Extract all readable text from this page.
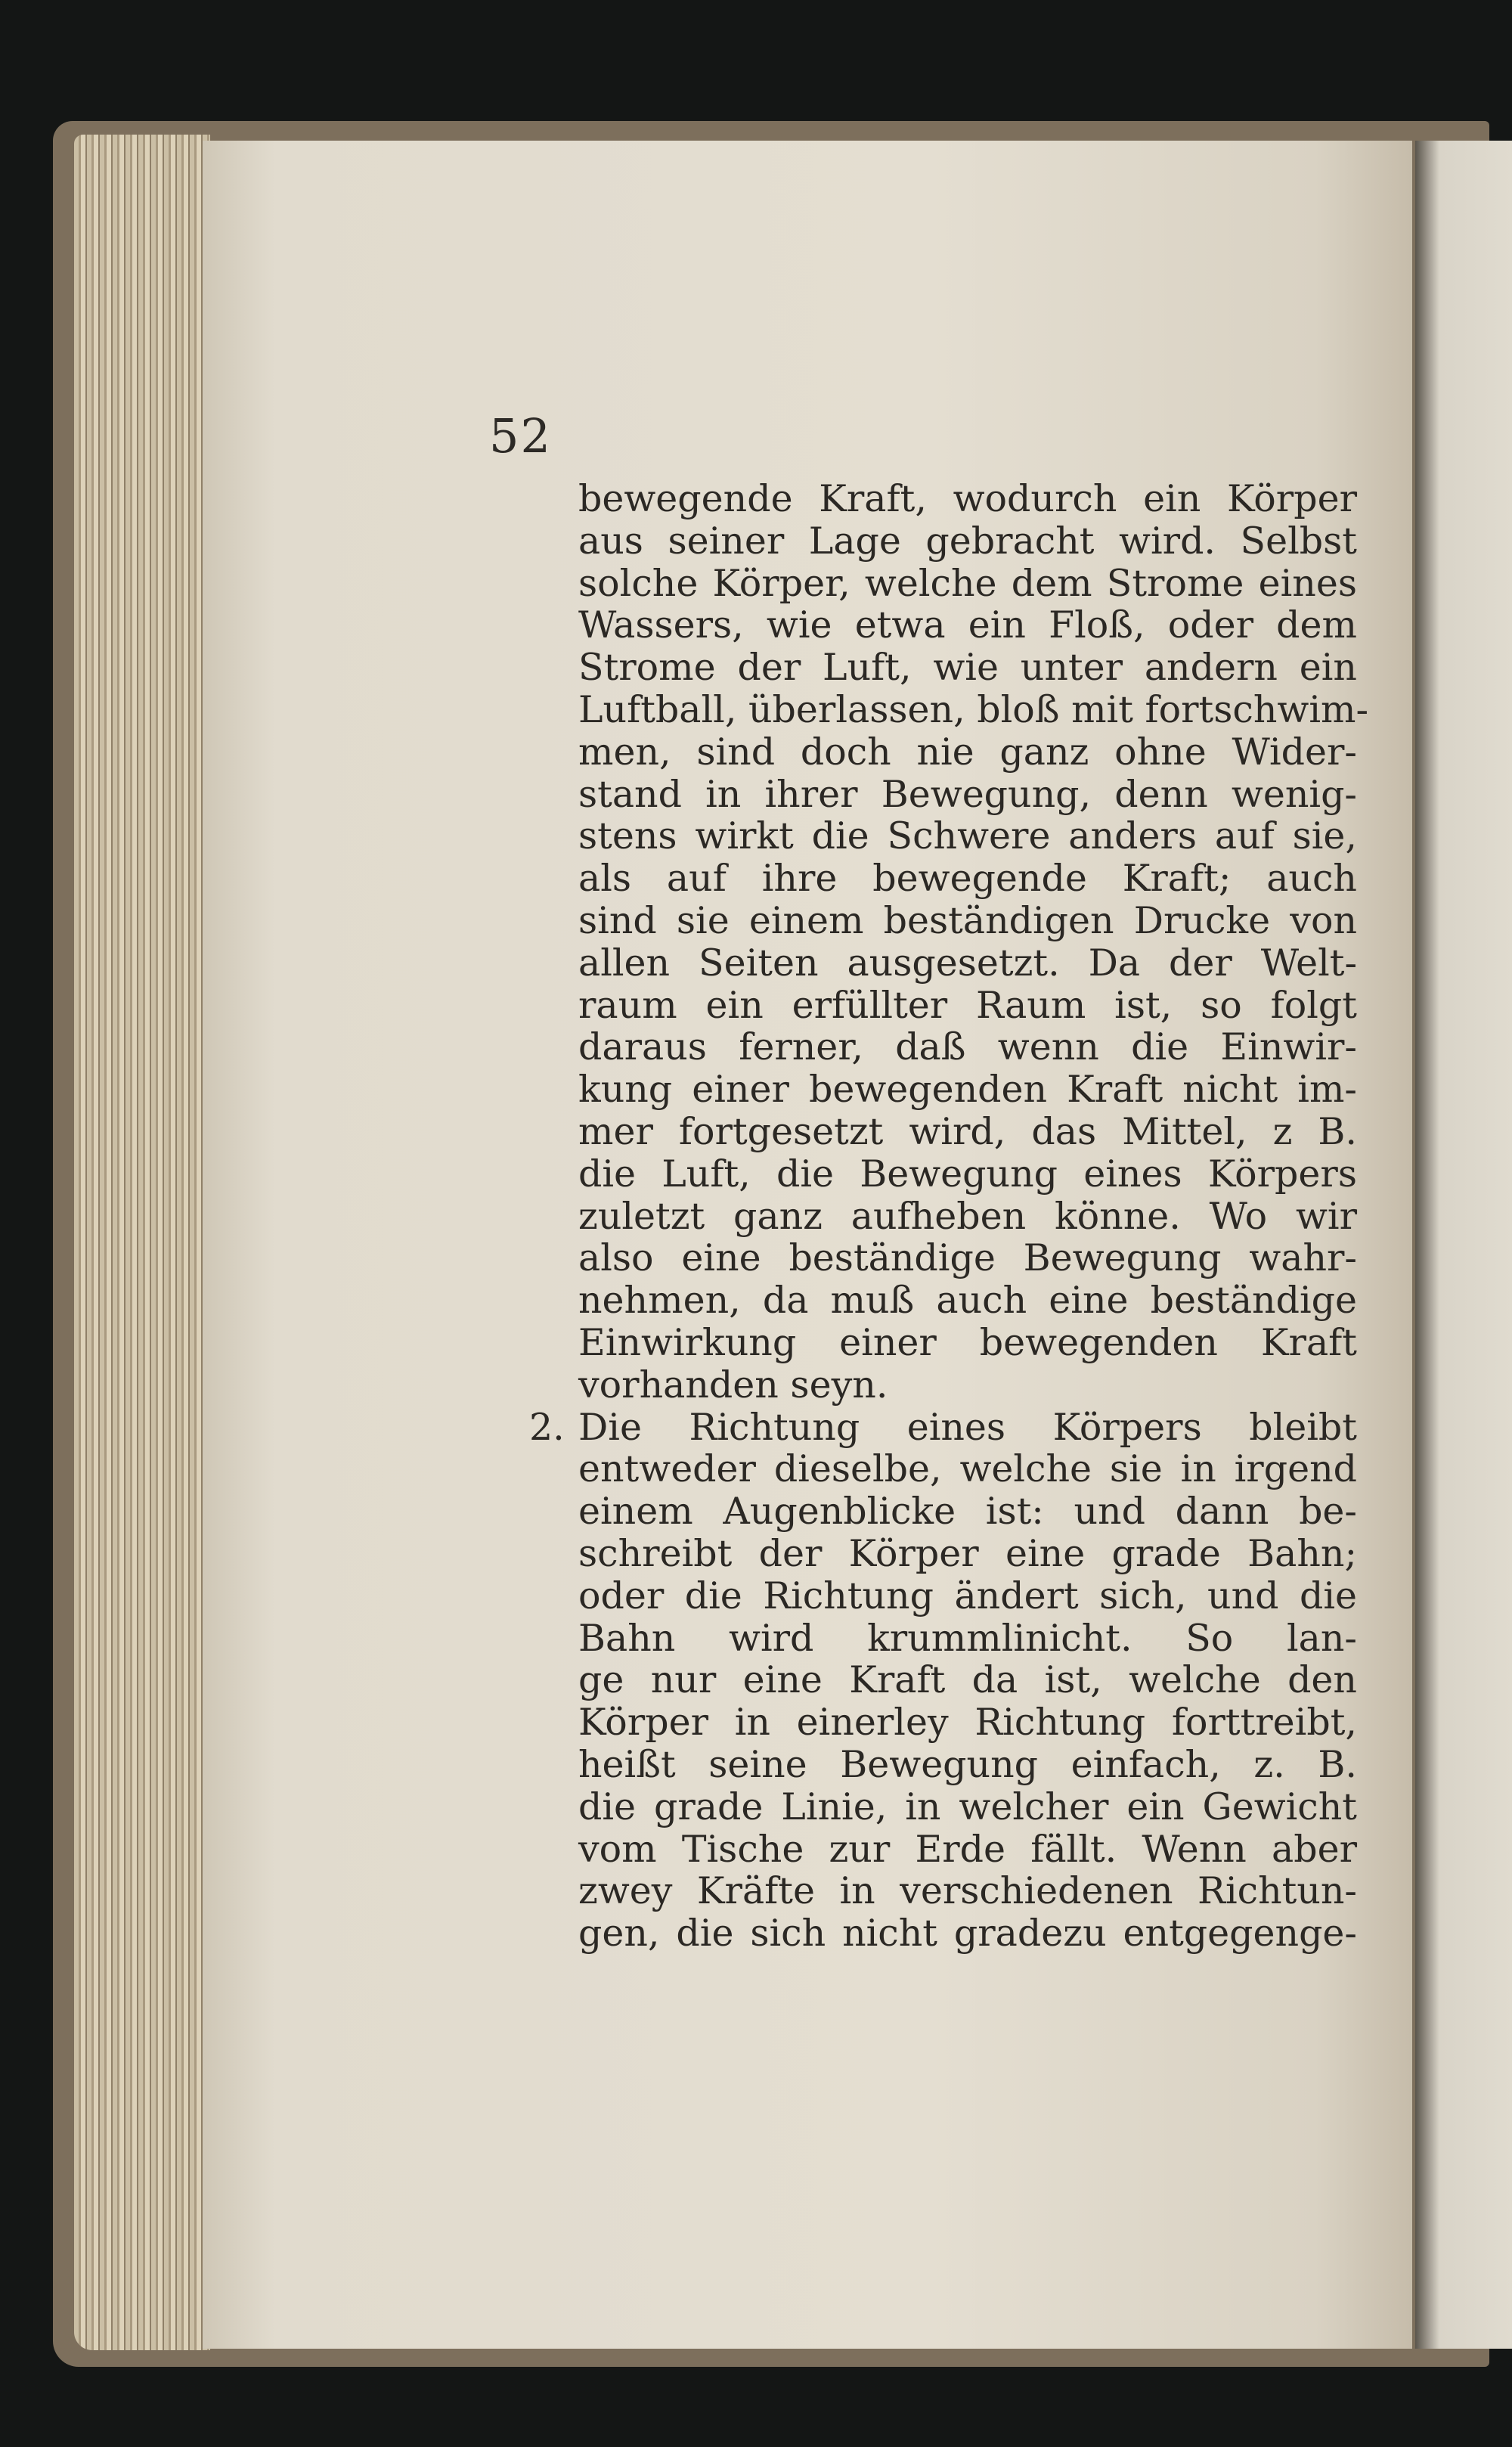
52
bewegende Kraft, wodurch ein Körper
aus seiner Lage gebracht wird. Selbst
solche Körper, welche dem Strome eines
Wassers, wie etwa ein Floß, oder dem
Strome der Luft, wie unter andern ein
Luftball, überlassen, bloß mit fortschwim-
men, sind doch nie ganz ohne Wider-
stand in ihrer Bewegung, denn wenig-
stens wirkt die Schwere anders auf sie,
als auf ihre bewegende Kraft; auch
sind sie einem beständigen Drucke von
allen Seiten ausgesetzt. Da der Welt-
raum ein erfüllter Raum ist, so folgt
daraus ferner, daß wenn die Einwir-
kung einer bewegenden Kraft nicht im-
mer fortgesetzt wird, das Mittel, z B.
die Luft, die Bewegung eines Körpers
zuletzt ganz aufheben könne. Wo wir
also eine beständige Bewegung wahr-
nehmen, da muß auch eine beständige
Einwirkung einer bewegenden Kraft
vorhanden seyn.
2. Die Richtung eines Körpers bleibt
entweder dieselbe, welche sie in irgend
einem Augenblicke ist: und dann be-
schreibt der Körper eine grade Bahn;
oder die Richtung ändert sich, und die
Bahn wird krummlinicht. So lan-
ge nur eine Kraft da ist, welche den
Körper in einerley Richtung forttreibt,
heißt seine Bewegung einfach, z. B.
die grade Linie, in welcher ein Gewicht
vom Tische zur Erde fällt. Wenn aber
zwey Kräfte in verschiedenen Richtun-
gen, die sich nicht gradezu entgegenge-
